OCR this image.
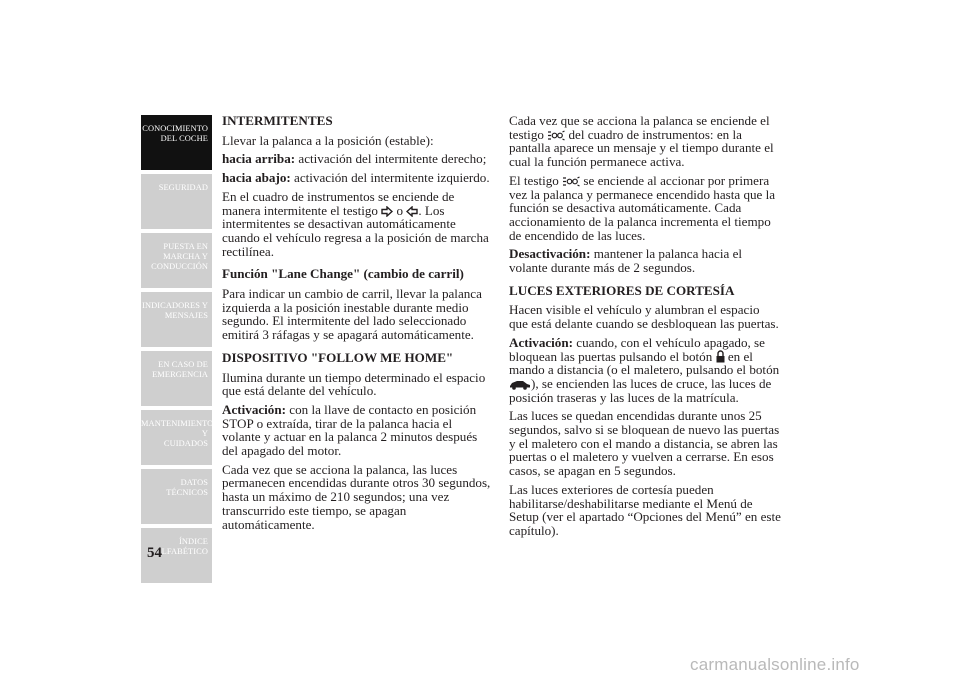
CONOCIMIENTO
DEL COCHE
SEGURIDAD
PUESTA EN
MARCHA Y
CONDUCCIÓN
INDICADORES Y
MENSAJES
EN CASO DE
EMERGENCIA
MANTENIMIENTO Y
CUIDADOS
DATOS TÉCNICOS
ÍNDICE
ALFABÉTICO
54
INTERMITENTES

Llevar la palanca a la posición (estable):

hacia arriba: activación del intermitente derecho;

hacia abajo: activación del intermitente izquierdo.

En el cuadro de instrumentos se enciende de manera intermitente el testigo  o . Los intermitentes se desactivan automáticamente cuando el vehículo regresa a la posición de marcha rectilínea.

Función "Lane Change" (cambio de carril)

Para indicar un cambio de carril, llevar la palanca izquierda a la posición inestable durante medio segundo. El intermitente del lado seleccionado emitirá 3 ráfagas y se apagará automáticamente.

DISPOSITIVO "FOLLOW ME HOME"

Ilumina durante un tiempo determinado el espacio que está delante del vehículo.

Activación: con la llave de contacto en posición STOP o extraída, tirar de la palanca hacia el volante y actuar en la palanca 2 minutos después del apagado del motor.

Cada vez que se acciona la palanca, las luces permanecen encendidas durante otros 30 segundos, hasta un máximo de 210 segundos; una vez transcurrido este tiempo, se apagan automáticamente.

Cada vez que se acciona la palanca se enciende el testigo  del cuadro de instrumentos: en la pantalla aparece un mensaje y el tiempo durante el cual la función permanece activa.

El testigo  se enciende al accionar por primera vez la palanca y permanece encendido hasta que la función se desactiva automáticamente. Cada accionamiento de la palanca incrementa el tiempo de encendido de las luces.

Desactivación: mantener la palanca hacia el volante durante más de 2 segundos.

LUCES EXTERIORES DE CORTESÍA

Hacen visible el vehículo y alumbran el espacio que está delante cuando se desbloquean las puertas.

Activación: cuando, con el vehículo apagado, se bloquean las puertas pulsando el botón  en el mando a distancia (o el maletero, pulsando el botón ), se encienden las luces de cruce, las luces de posición traseras y las luces de la matrícula.

Las luces se quedan encendidas durante unos 25 segundos, salvo si se bloquean de nuevo las puertas y el maletero con el mando a distancia, se abren las puertas o el maletero y vuelven a cerrarse. En esos casos, se apagan en 5 segundos.

Las luces exteriores de cortesía pueden habilitarse/deshabilitarse mediante el Menú de Setup (ver el apartado “Opciones del Menú” en este capítulo).

carmanualsonline.info
